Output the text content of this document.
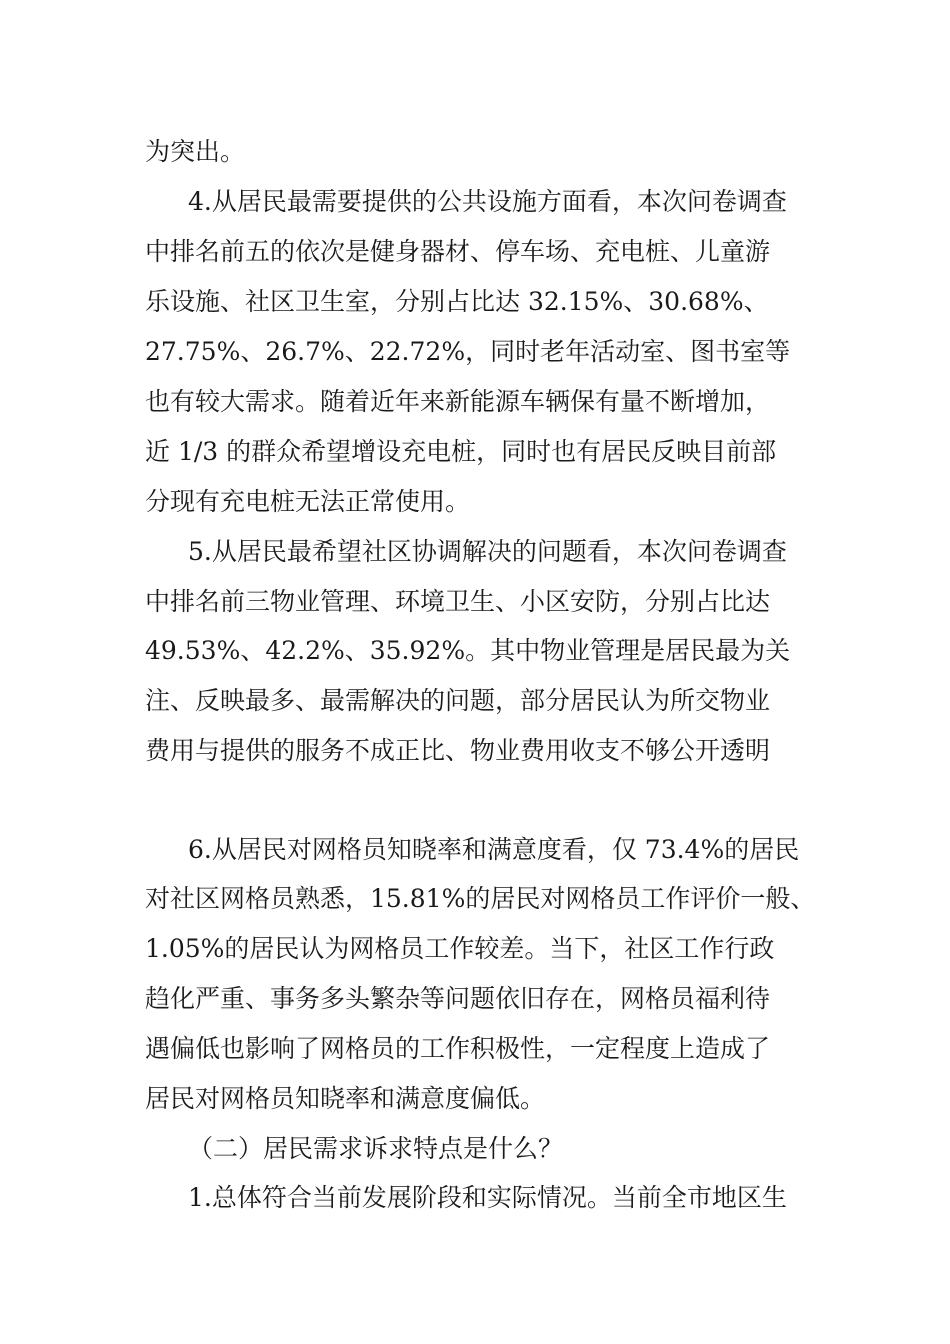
为突出。

4.从居民最需要提供的公共设施方面看，本次问卷调查

中排名前五的依次是健身器材、停车场、充电桩、儿童游

乐设施、社区卫生室，分别占比达 32.15%、30.68%、

27.75%、26.7%、22.72%，同时老年活动室、图书室等

也有较大需求。随着近年来新能源车辆保有量不断增加，

近 1/3 的群众希望增设充电桩，同时也有居民反映目前部

分现有充电桩无法正常使用。

5.从居民最希望社区协调解决的问题看，本次问卷调查

中排名前三物业管理、环境卫生、小区安防，分别占比达

49.53%、42.2%、35.92%。其中物业管理是居民最为关

注、反映最多、最需解决的问题，部分居民认为所交物业

费用与提供的服务不成正比、物业费用收支不够公开透明

6.从居民对网格员知晓率和满意度看，仅 73.4%的居民

对社区网格员熟悉，15.81%的居民对网格员工作评价一般、

1.05%的居民认为网格员工作较差。当下，社区工作行政

趋化严重、事务多头繁杂等问题依旧存在，网格员福利待

遇偏低也影响了网格员的工作积极性，一定程度上造成了

居民对网格员知晓率和满意度偏低。

（二）居民需求诉求特点是什么？

1.总体符合当前发展阶段和实际情况。当前全市地区生
